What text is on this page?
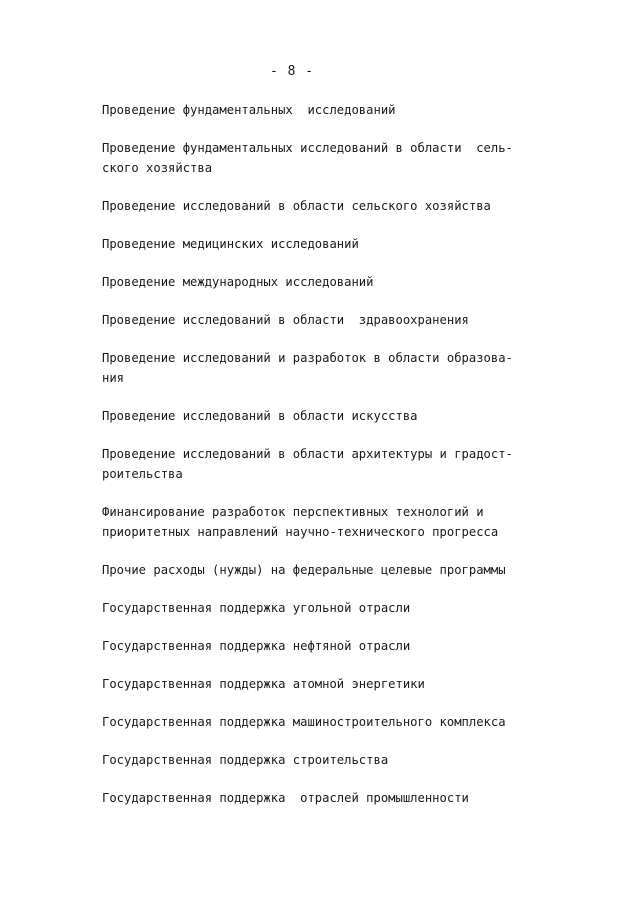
- 8 -
Проведение фундаментальных  исследований
Проведение фундаментальных исследований в области  сель-
ского хозяйства
Проведение исследований в области сельского хозяйства
Проведение медицинских исследований
Проведение международных исследований
Проведение исследований в области  здравоохранения
Проведение исследований и разработок в области образова-
ния
Проведение исследований в области искусства
Проведение исследований в области архитектуры и градост-
роительства
Финансирование разработок перспективных технологий и
приоритетных направлений научно-технического прогресса
Прочие расходы (нужды) на федеральные целевые программы
Государственная поддержка угольной отрасли
Государственная поддержка нефтяной отрасли
Государственная поддержка атомной энергетики
Государственная поддержка машиностроительного комплекса
Государственная поддержка строительства
Государственная поддержка  отраслей промышленности
